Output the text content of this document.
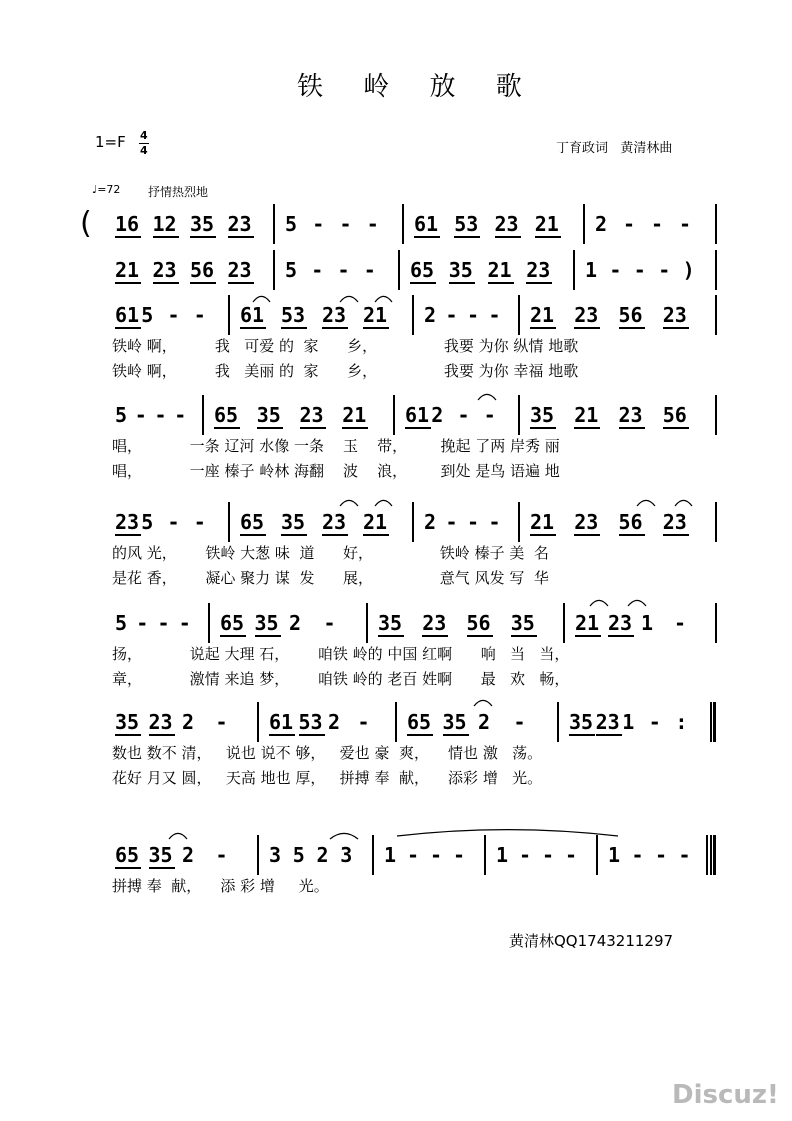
铁 岭 放 歌
1=F 4
4	丁育政词   黄清林曲
♩=72 抒情热烈地
16 12 35 23 5 - - - 61 53 23 21 2 - - -
21 23 56 23 5 - - - 65 35 21 23 1 - - - )
61 5 - - 61 53 23 21 2 - - - 21 23 56 23
铁岭 啊，        我   可爱 的  家      乡，              我要 为你 纵情 地歌
铁岭 啊，        我   美丽 的  家      乡，              我要 为你 幸福 地歌
5 - - - 65 35 23 21 61 2 - - 35 21 23 56
唱，          一条 辽河 水像 一条    玉    带，       挽起 了两 岸秀 丽
唱，          一座 榛子 岭林 海翻    波    浪，       到处 是鸟 语遍 地
23 5 - - 65 35 23 21 2 - - - 21 23 56 23
的风 光，      铁岭 大葱 味  道      好，              铁岭 榛子 美  名
是花 香，      凝心 聚力 谋  发      展，              意气 风发 写  华
5 - - - 65 35 2 - 35 23 56 35 21 23 1 -
扬，          说起 大理 石，      咱铁 岭的 中国 红啊      响   当   当，
章，          激情 来追 梦，      咱铁 岭的 老百 姓啊      最   欢   畅，
35 23 2 - 61 53 2 - 65 35 2 - 35 23 1 - :
数也 数不 清，   说也 说不 够，   爱也 豪  爽，    情也 激   荡。
花好 月又 圆，   天高 地也 厚，   拼搏 奉  献，    添彩 增   光。
65 35 2 - 3 5 2 3 1 - - - 1 - - - 1 - - -
拼搏 奉  献，    添 彩 增     光。
(
黄清林QQ1743211297
Discuz!
